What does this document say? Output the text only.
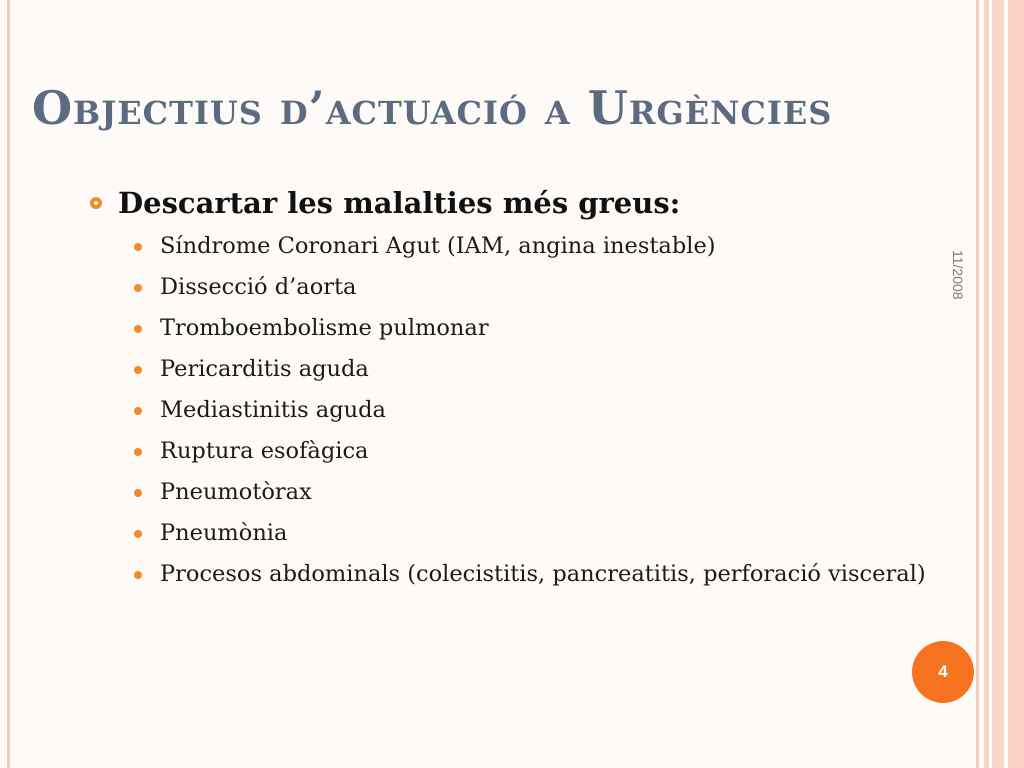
Objectius d’actuació a Urgències
11/2008
Descartar les malalties més greus:
Síndrome Coronari Agut (IAM, angina inestable)
Dissecció d’aorta
Tromboembolisme pulmonar
Pericarditis aguda
Mediastinitis aguda
Ruptura esofàgica
Pneumotòrax
Pneumònia
Procesos abdominals (colecistitis, pancreatitis, perforació visceral)
4
